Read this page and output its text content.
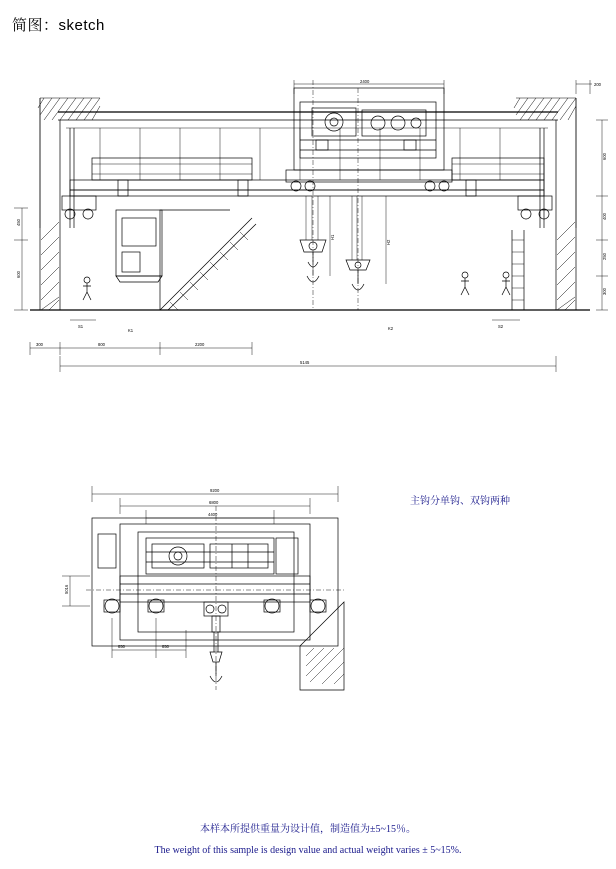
简图：sketch
主钩分单钩、双钩两种
2400
200
600
400
250
300
450
600
H1
H2
S1	S2
300	800	2200
5145
K1	K2
9200
6800
4400
5016
850	850
本样本所提供重量为设计值，制造值为±5~15％。
The weight of this sample is design value and actual weight varies ± 5~15%.
